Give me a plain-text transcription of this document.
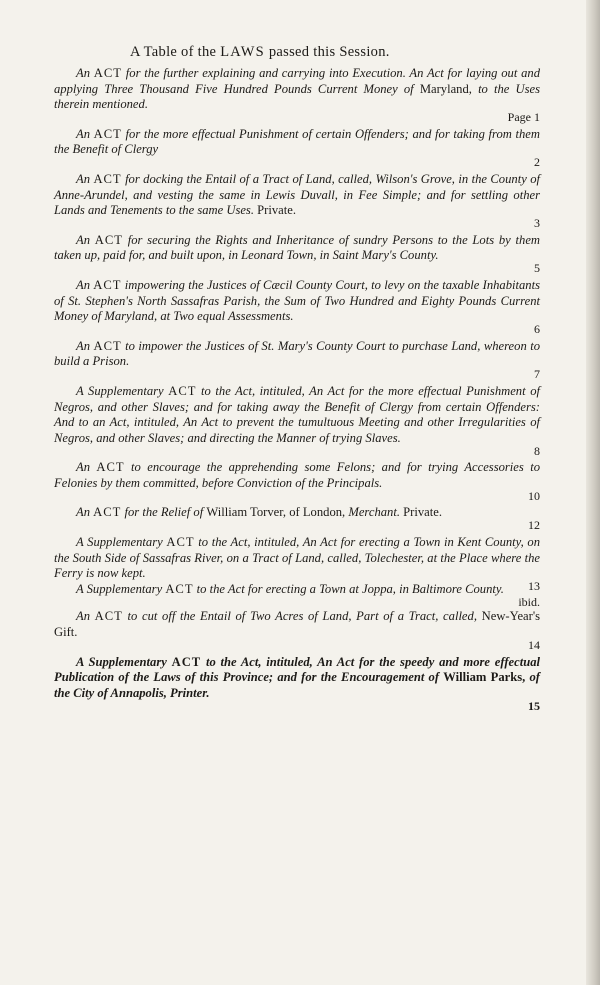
A Table of the LAWS passed this Session.
An ACT for the further explaining and carrying into Execution. An Act for laying out and applying Three Thousand Five Hundred Pounds Current Money of Maryland, to the Uses therein mentioned.
Page 1
An ACT for the more effectual Punishment of certain Offenders; and for taking from them the Benefit of Clergy
2
An ACT for docking the Entail of a Tract of Land, called, Wilson's Grove, in the County of Anne-Arundel, and vesting the same in Lewis Duvall, in Fee Simple; and for settling other Lands and Tenements to the same Uses. Private.
3
An ACT for securing the Rights and Inheritance of sundry Persons to the Lots by them taken up, paid for, and built upon, in Leonard Town, in Saint Mary's County.
5
An ACT impowering the Justices of Cæcil County Court, to levy on the taxable Inhabitants of St. Stephen's North Sassafras Parish, the Sum of Two Hundred and Eighty Pounds Current Money of Maryland, at Two equal Assessments.
6
An ACT to impower the Justices of St. Mary's County Court to purchase Land, whereon to build a Prison.
7
A Supplementary ACT to the Act, intituled, An Act for the more effectual Punishment of Negros, and other Slaves; and for taking away the Benefit of Clergy from certain Offenders: And to an Act, intituled, An Act to prevent the tumultuous Meeting and other Irregularities of Negros, and other Slaves; and directing the Manner of trying Slaves.
8
An ACT to encourage the apprehending some Felons; and for trying Accessories to Felonies by them committed, before Conviction of the Principals.
10
An ACT for the Relief of William Torver, of London, Merchant. Private.
12
A Supplementary ACT to the Act, intituled, An Act for erecting a Town in Kent County, on the South Side of Sassafras River, on a Tract of Land, called, Tolechester, at the Place where the Ferry is now kept.
13
A Supplementary ACT to the Act for erecting a Town at Joppa, in Baltimore County.
ibid.
An ACT to cut off the Entail of Two Acres of Land, Part of a Tract, called, New-Year's Gift.
14
A Supplementary ACT to the Act, intituled, An Act for the speedy and more effectual Publication of the Laws of this Province; and for the Encouragement of William Parks, of the City of Annapolis, Printer.
15
